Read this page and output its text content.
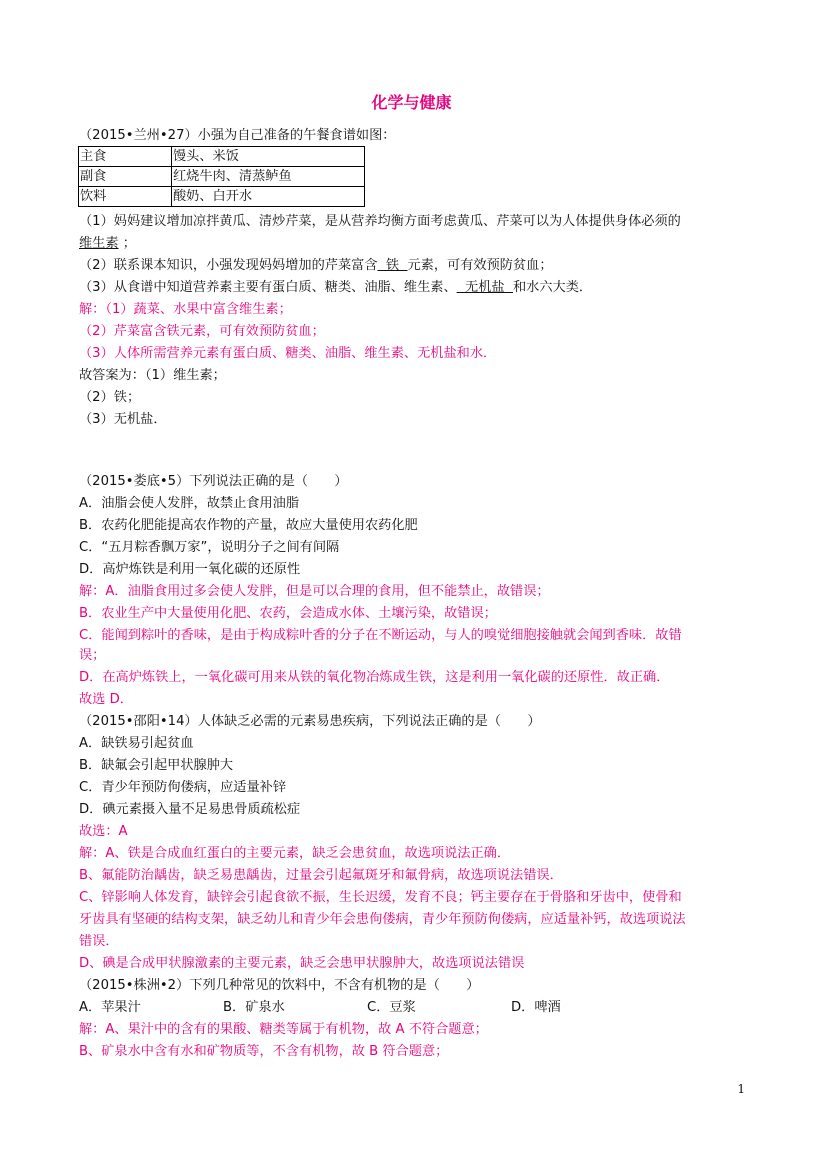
化学与健康
（2015•兰州•27）小强为自己准备的午餐食谱如图：
主食	馒头、米饭
副食	红烧牛肉、清蒸鲈鱼
饮料	酸奶、白开水
（1）妈妈建议增加凉拌黄瓜、清炒芹菜，是从营养均衡方面考虑黄瓜、芹菜可以为人体提供身体必须的
维生素 ；
（2）联系课本知识，小强发现妈妈增加的芹菜富含  铁  元素，可有效预防贫血；
（3）从食谱中知道营养素主要有蛋白质、糖类、油脂、维生素、  无机盐  和水六大类．
解：（1）蔬菜、水果中富含维生素；
（2）芹菜富含铁元素，可有效预防贫血；
（3）人体所需营养元素有蛋白质、糖类、油脂、维生素、无机盐和水．
故答案为：（1）维生素；
（2）铁；
（3）无机盐．
（2015•娄底•5）下列说法正确的是（　　）
A．油脂会使人发胖，故禁止食用油脂
B．农药化肥能提高农作物的产量，故应大量使用农药化肥
C．“五月粽香飘万家”，说明分子之间有间隔
D．高炉炼铁是利用一氧化碳的还原性
解：A．油脂食用过多会使人发胖，但是可以合理的食用，但不能禁止，故错误；
B．农业生产中大量使用化肥、农药，会造成水体、土壤污染，故错误；
C．能闻到粽叶的香味，是由于构成粽叶香的分子在不断运动，与人的嗅觉细胞接触就会闻到香味．故错
误；
D．在高炉炼铁上，一氧化碳可用来从铁的氧化物冶炼成生铁，这是利用一氧化碳的还原性．故正确．
故选 D．
（2015•邵阳•14）人体缺乏必需的元素易患疾病，下列说法正确的是（　　）
A．缺铁易引起贫血
B．缺氟会引起甲状腺肿大
C．青少年预防佝偻病，应适量补锌
D．碘元素摄入量不足易患骨质疏松症
故选：A
解：A、铁是合成血红蛋白的主要元素，缺乏会患贫血，故选项说法正确．
B、氟能防治龋齿，缺乏易患龋齿，过量会引起氟斑牙和氟骨病，故选项说法错误．
C、锌影响人体发育，缺锌会引起食欲不振，生长迟缓，发育不良；钙主要存在于骨胳和牙齿中，使骨和
牙齿具有坚硬的结构支架，缺乏幼儿和青少年会患佝偻病，青少年预防佝偻病，应适量补钙，故选项说法
错误．
D、碘是合成甲状腺激素的主要元素，缺乏会患甲状腺肿大，故选项说法错误
（2015•株洲•2）下列几种常见的饮料中，不含有机物的是（　　）
A．苹果汁	B．矿泉水	C．豆浆	D．啤酒
解：A、果汁中的含有的果酸、糖类等属于有机物，故 A 不符合题意；
B、矿泉水中含有水和矿物质等，不含有机物，故 B 符合题意；
1
